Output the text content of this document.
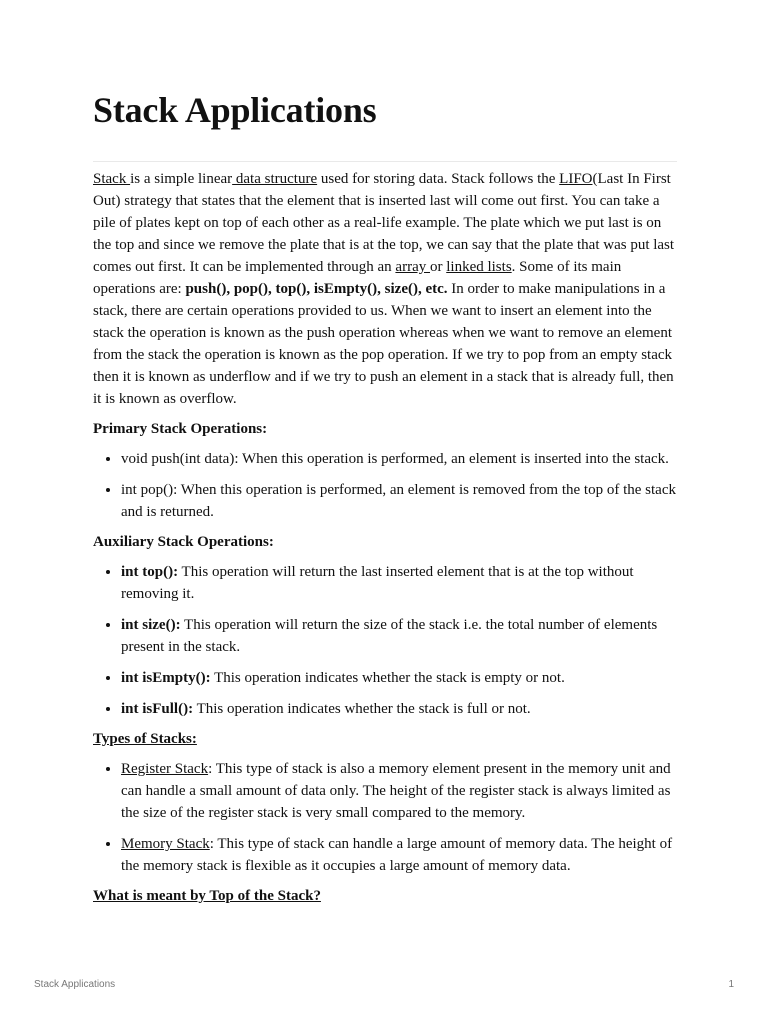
Stack Applications

Stack is a simple linear data structure used for storing data. Stack follows the LIFO(Last In First Out) strategy that states that the element that is inserted last will come out first. You can take a pile of plates kept on top of each other as a real-life example. The plate which we put last is on the top and since we remove the plate that is at the top, we can say that the plate that was put last comes out first. It can be implemented through an array or linked lists. Some of its main operations are: push(), pop(), top(), isEmpty(), size(), etc. In order to make manipulations in a stack, there are certain operations provided to us. When we want to insert an element into the stack the operation is known as the push operation whereas when we want to remove an element from the stack the operation is known as the pop operation. If we try to pop from an empty stack then it is known as underflow and if we try to push an element in a stack that is already full, then it is known as overflow.

Primary Stack Operations:

• void push(int data): When this operation is performed, an element is inserted into the stack.
• int pop(): When this operation is performed, an element is removed from the top of the stack and is returned.

Auxiliary Stack Operations:

• int top(): This operation will return the last inserted element that is at the top without removing it.
• int size(): This operation will return the size of the stack i.e. the total number of elements present in the stack.
• int isEmpty(): This operation indicates whether the stack is empty or not.
• int isFull(): This operation indicates whether the stack is full or not.

Types of Stacks:

• Register Stack: This type of stack is also a memory element present in the memory unit and can handle a small amount of data only. The height of the register stack is always limited as the size of the register stack is very small compared to the memory.
• Memory Stack: This type of stack can handle a large amount of memory data. The height of the memory stack is flexible as it occupies a large amount of memory data.

What is meant by Top of the Stack?

Stack Applications	1
